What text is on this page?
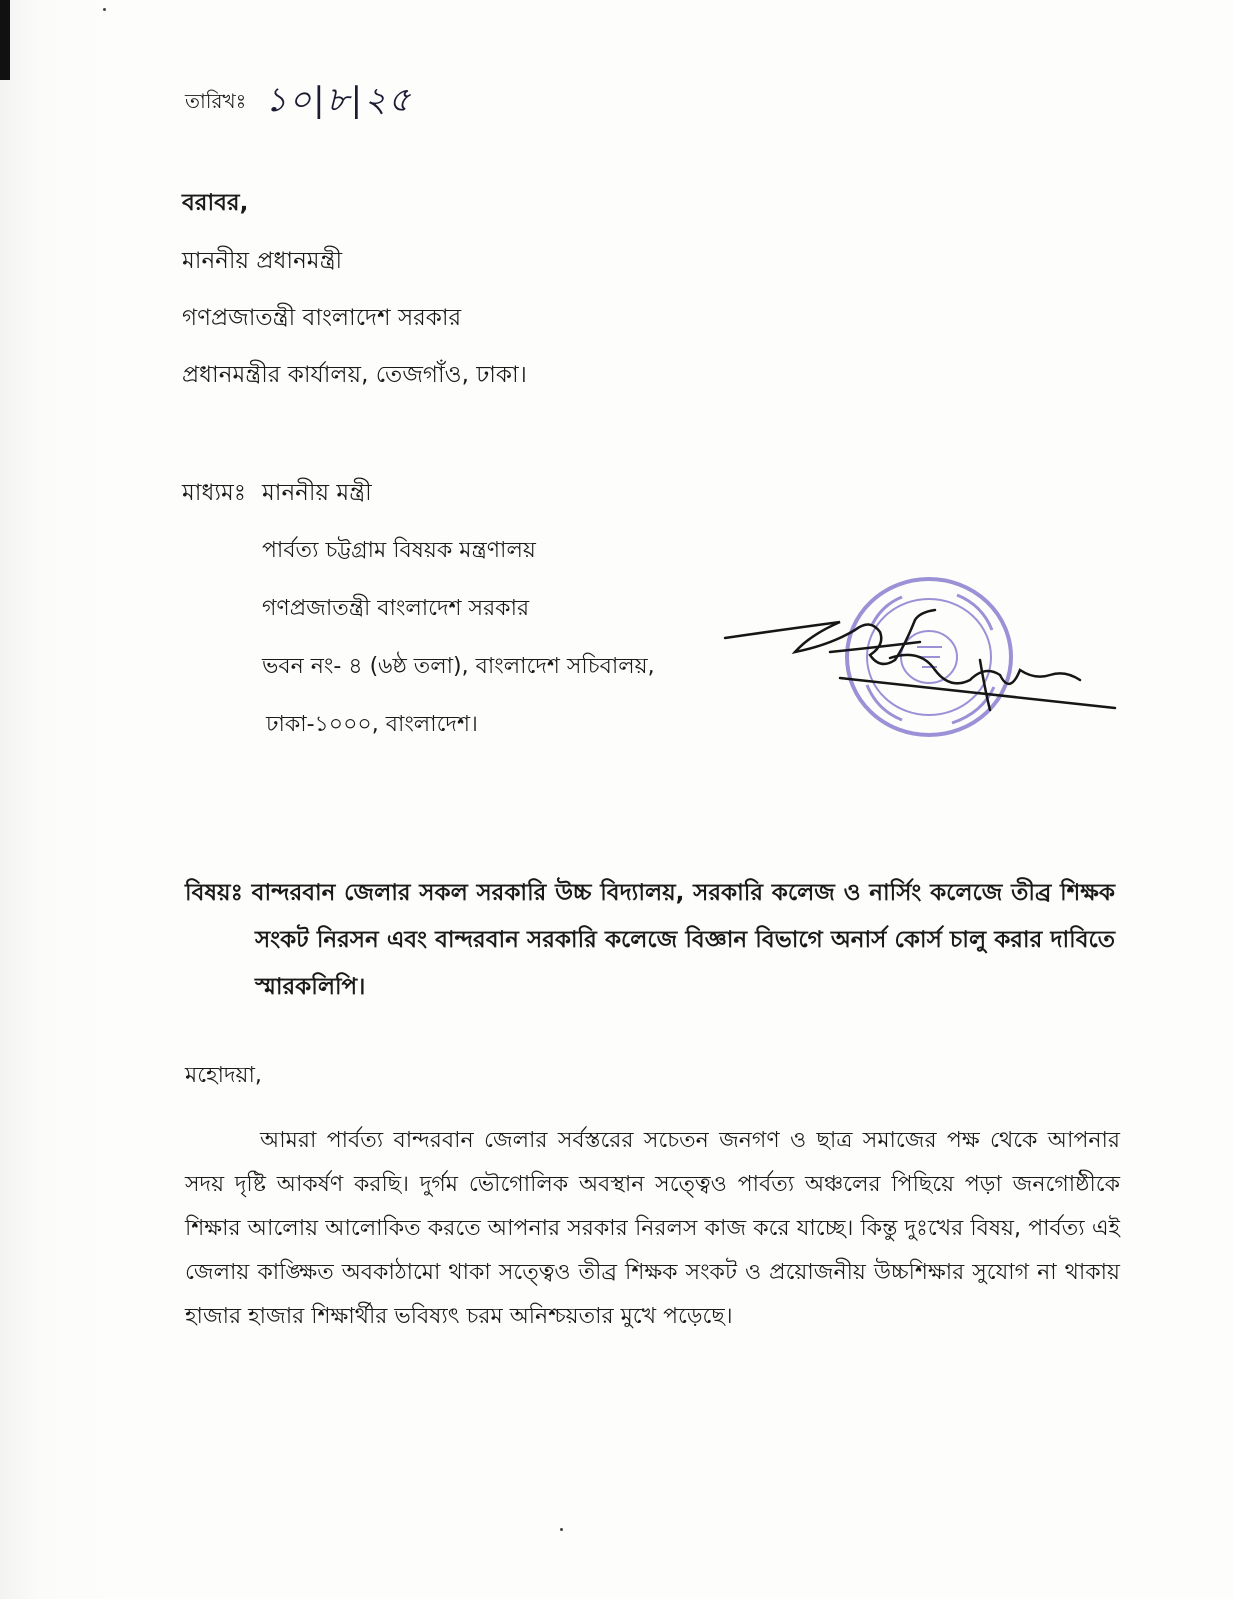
তারিখঃ ১০|৮|২৫
বরাবর,
মাননীয় প্রধানমন্ত্রী
গণপ্রজাতন্ত্রী বাংলাদেশ সরকার
প্রধানমন্ত্রীর কার্যালয়, তেজগাঁও, ঢাকা।
মাধ্যমঃ মাননীয় মন্ত্রী
পার্বত্য চট্টগ্রাম বিষয়ক মন্ত্রণালয়
গণপ্রজাতন্ত্রী বাংলাদেশ সরকার
ভবন নং- ৪ (৬ষ্ঠ তলা), বাংলাদেশ সচিবালয়,
ঢাকা-১০০০, বাংলাদেশ।
বিষয়ঃ বান্দরবান জেলার সকল সরকারি উচ্চ বিদ্যালয়, সরকারি কলেজ ও নার্সিং কলেজে তীব্র শিক্ষক সংকট নিরসন এবং বান্দরবান সরকারি কলেজে বিজ্ঞান বিভাগে অনার্স কোর্স চালু করার দাবিতে স্মারকলিপি।
মহোদয়া,
আমরা পার্বত্য বান্দরবান জেলার সর্বস্তরের সচেতন জনগণ ও ছাত্র সমাজের পক্ষ থেকে আপনার সদয় দৃষ্টি আকর্ষণ করছি। দুর্গম ভৌগোলিক অবস্থান সত্ত্বেও পার্বত্য অঞ্চলের পিছিয়ে পড়া জনগোষ্ঠীকে শিক্ষার আলোয় আলোকিত করতে আপনার সরকার নিরলস কাজ করে যাচ্ছে। কিন্তু দুঃখের বিষয়, পার্বত্য এই জেলায় কাঙ্ক্ষিত অবকাঠামো থাকা সত্ত্বেও তীব্র শিক্ষক সংকট ও প্রয়োজনীয় উচ্চশিক্ষার সুযোগ না থাকায় হাজার হাজার শিক্ষার্থীর ভবিষ্যৎ চরম অনিশ্চয়তার মুখে পড়েছে।
